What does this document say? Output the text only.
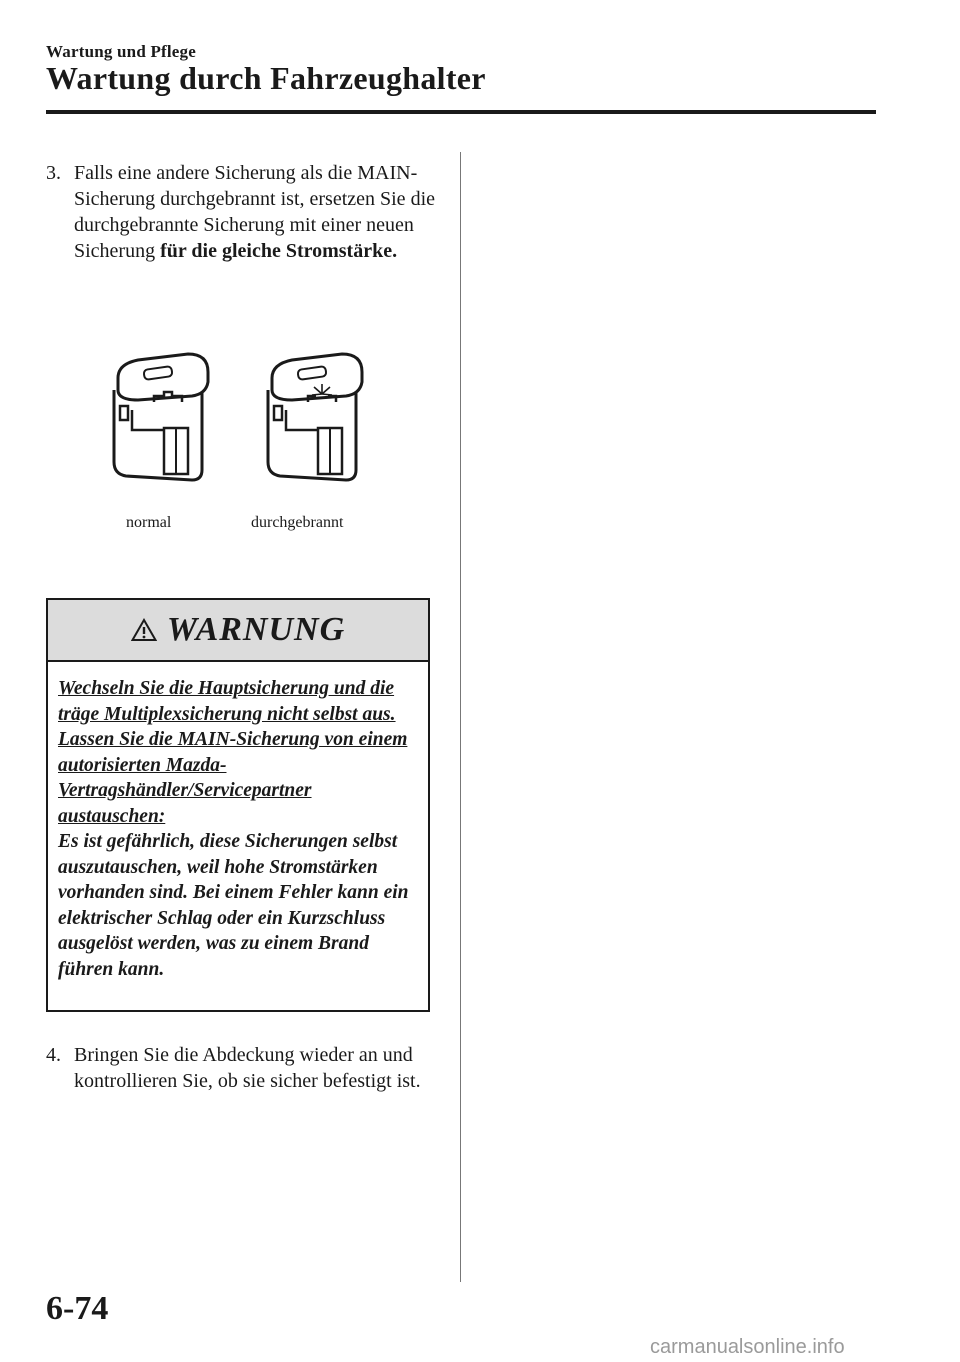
Wartung und Pflege
Wartung durch Fahrzeughalter
3. Falls eine andere Sicherung als die MAIN-Sicherung durchgebrannt ist, ersetzen Sie die durchgebrannte Sicherung mit einer neuen Sicherung für die gleiche Stromstärke.
normal	durchgebrannt
WARNUNG
Wechseln Sie die Hauptsicherung und die träge Multiplexsicherung nicht selbst aus. Lassen Sie die MAIN-Sicherung von einem autorisierten Mazda-Vertragshändler/Servicepartner austauschen:
Es ist gefährlich, diese Sicherungen selbst auszutauschen, weil hohe Stromstärken vorhanden sind. Bei einem Fehler kann ein elektrischer Schlag oder ein Kurzschluss ausgelöst werden, was zu einem Brand führen kann.
4. Bringen Sie die Abdeckung wieder an und kontrollieren Sie, ob sie sicher befestigt ist.
6-74
carmanualsonline.info
